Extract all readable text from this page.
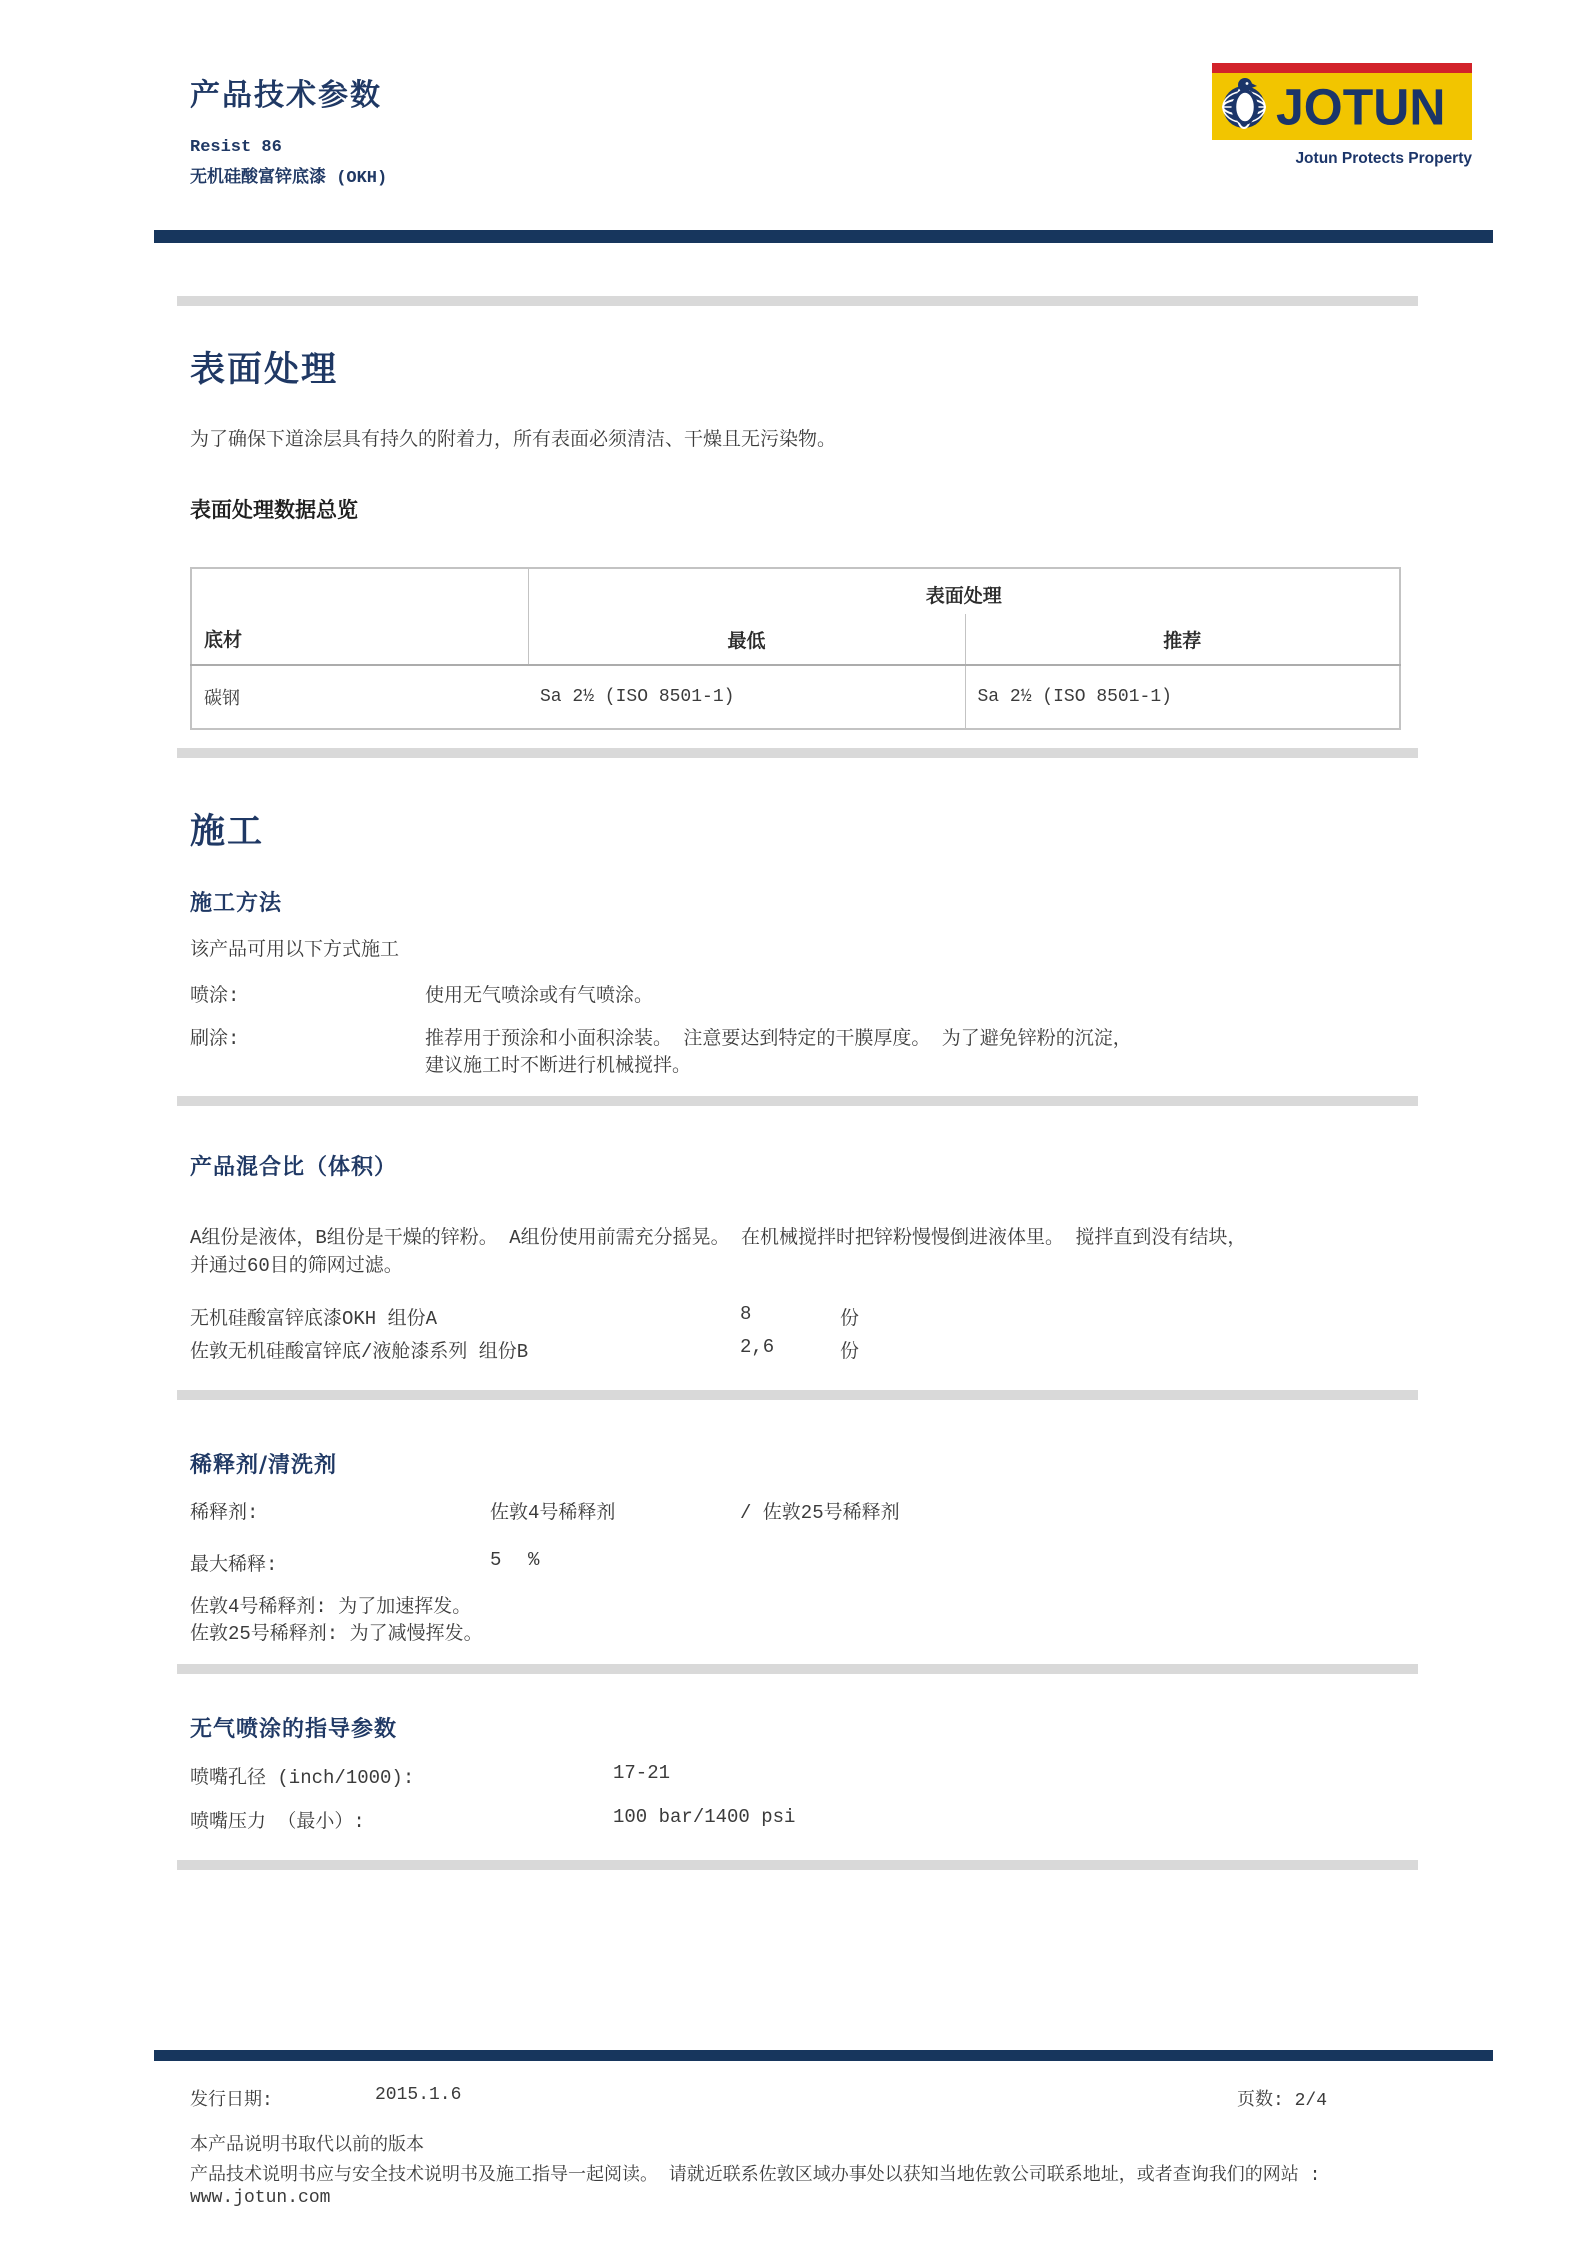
产品技术参数
Resist 86
无机硅酸富锌底漆 (OKH)
JOTUN
Jotun Protects Property
表面处理
为了确保下道涂层具有持久的附着力，所有表面必须清洁、干燥且无污染物。
表面处理数据总览
底材	表面处理	
	最低	推荐
碳钢	Sa 2½ (ISO 8501-1)	Sa 2½ (ISO 8501-1)
施工
施工方法
该产品可用以下方式施工
喷涂:	使用无气喷涂或有气喷涂。
刷涂:	推荐用于预涂和小面积涂装。 注意要达到特定的干膜厚度。 为了避免锌粉的沉淀，
建议施工时不断进行机械搅拌。
产品混合比（体积）
A组份是液体，B组份是干燥的锌粉。 A组份使用前需充分摇晃。 在机械搅拌时把锌粉慢慢倒进液体里。 搅拌直到没有结块，
并通过60目的筛网过滤。
无机硅酸富锌底漆OKH 组份A	8	份
佐敦无机硅酸富锌底/液舱漆系列 组份B	2,6	份
稀释剂/清洗剂
稀释剂:	佐敦4号稀释剂	/ 佐敦25号稀释剂
最大稀释:	5 %
佐敦4号稀释剂: 为了加速挥发。
佐敦25号稀释剂: 为了减慢挥发。
无气喷涂的指导参数
喷嘴孔径 (inch/1000):	17-21
喷嘴压力 （最小）:	100 bar/1400 psi
发行日期:	2015.1.6	页数: 2/4
本产品说明书取代以前的版本
产品技术说明书应与安全技术说明书及施工指导一起阅读。 请就近联系佐敦区域办事处以获知当地佐敦公司联系地址，或者查询我们的网站 :
www.jotun.com
